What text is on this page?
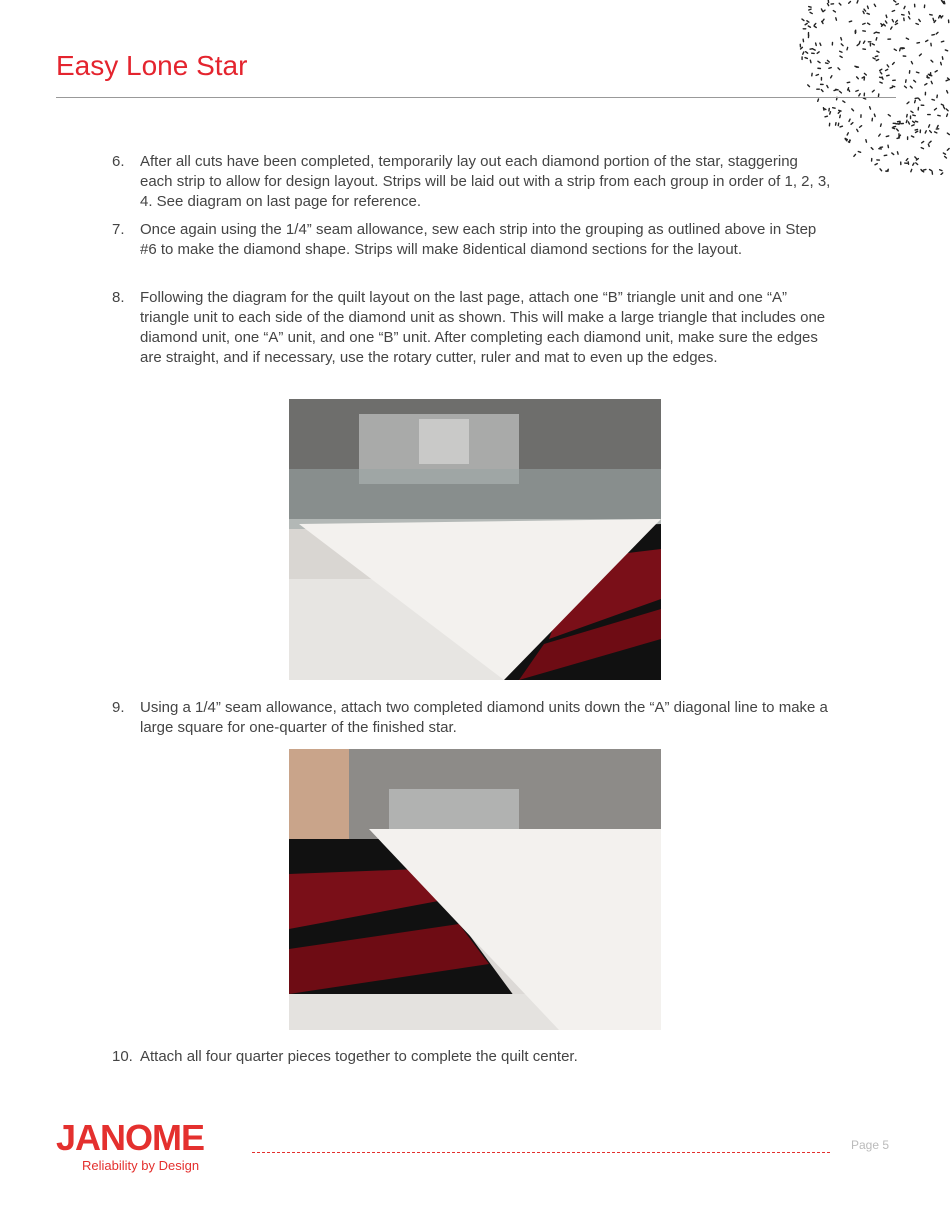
Easy Lone Star
6.	After all cuts have been completed, temporarily lay out each diamond portion of the star, staggering each strip to allow for design layout. Strips will be laid out with a strip from each group in order of 1, 2, 3, 4. See diagram on last page for reference.
7.	Once again using the 1/4” seam allowance, sew each strip into the grouping as outlined above in Step #6 to make the diamond shape. Strips will make 8identical diamond sections for the layout.
8.	Following the diagram for the quilt layout on the last page, attach one “B” triangle unit and one “A” triangle unit to each side of the diamond unit as shown. This will make a large triangle that includes one diamond unit, one “A” unit, and one “B” unit. After completing each diamond unit, make sure the edges are straight, and if necessary, use the rotary cutter, ruler and mat to even up the edges.
9.	Using a 1/4” seam allowance, attach two completed diamond units down the “A” diagonal line to make a large square for one-quarter of the finished star.
10. Attach all four quarter pieces together to complete the quilt center.
JANOME
Reliability by Design
Page 5
